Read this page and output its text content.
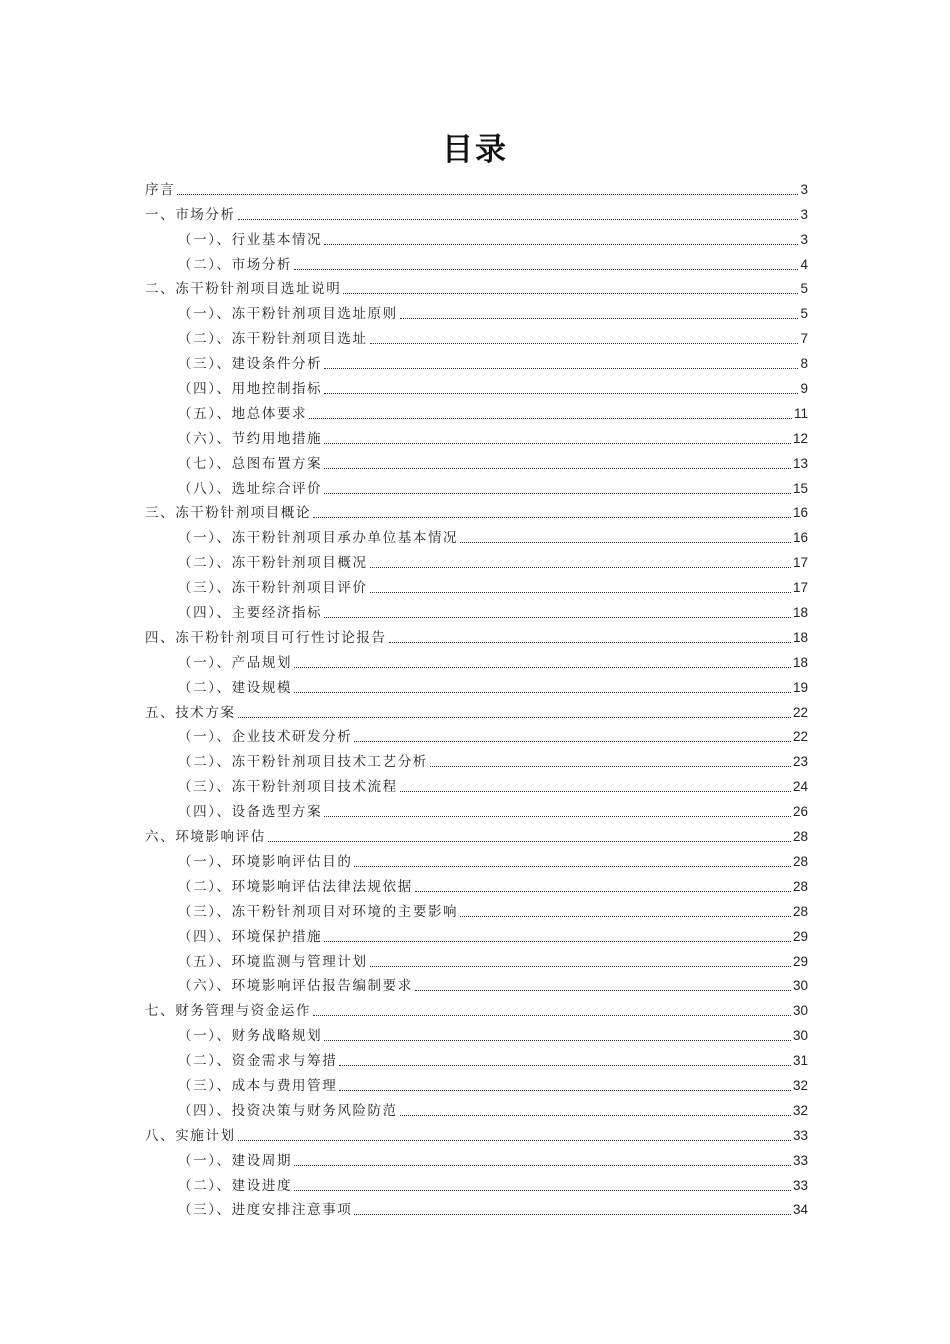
目录
序言	3
一、市场分析	3
（一）、行业基本情况	3
（二）、市场分析	4
二、冻干粉针剂项目选址说明	5
（一）、冻干粉针剂项目选址原则	5
（二）、冻干粉针剂项目选址	7
（三）、建设条件分析	8
（四）、用地控制指标	9
（五）、地总体要求	11
（六）、节约用地措施	12
（七）、总图布置方案	13
（八）、选址综合评价	15
三、冻干粉针剂项目概论	16
（一）、冻干粉针剂项目承办单位基本情况	16
（二）、冻干粉针剂项目概况	17
（三）、冻干粉针剂项目评价	17
（四）、主要经济指标	18
四、冻干粉针剂项目可行性讨论报告	18
（一）、产品规划	18
（二）、建设规模	19
五、技术方案	22
（一）、企业技术研发分析	22
（二）、冻干粉针剂项目技术工艺分析	23
（三）、冻干粉针剂项目技术流程	24
（四）、设备选型方案	26
六、环境影响评估	28
（一）、环境影响评估目的	28
（二）、环境影响评估法律法规依据	28
（三）、冻干粉针剂项目对环境的主要影响	28
（四）、环境保护措施	29
（五）、环境监测与管理计划	29
（六）、环境影响评估报告编制要求	30
七、财务管理与资金运作	30
（一）、财务战略规划	30
（二）、资金需求与筹措	31
（三）、成本与费用管理	32
（四）、投资决策与财务风险防范	32
八、实施计划	33
（一）、建设周期	33
（二）、建设进度	33
（三）、进度安排注意事项	34
